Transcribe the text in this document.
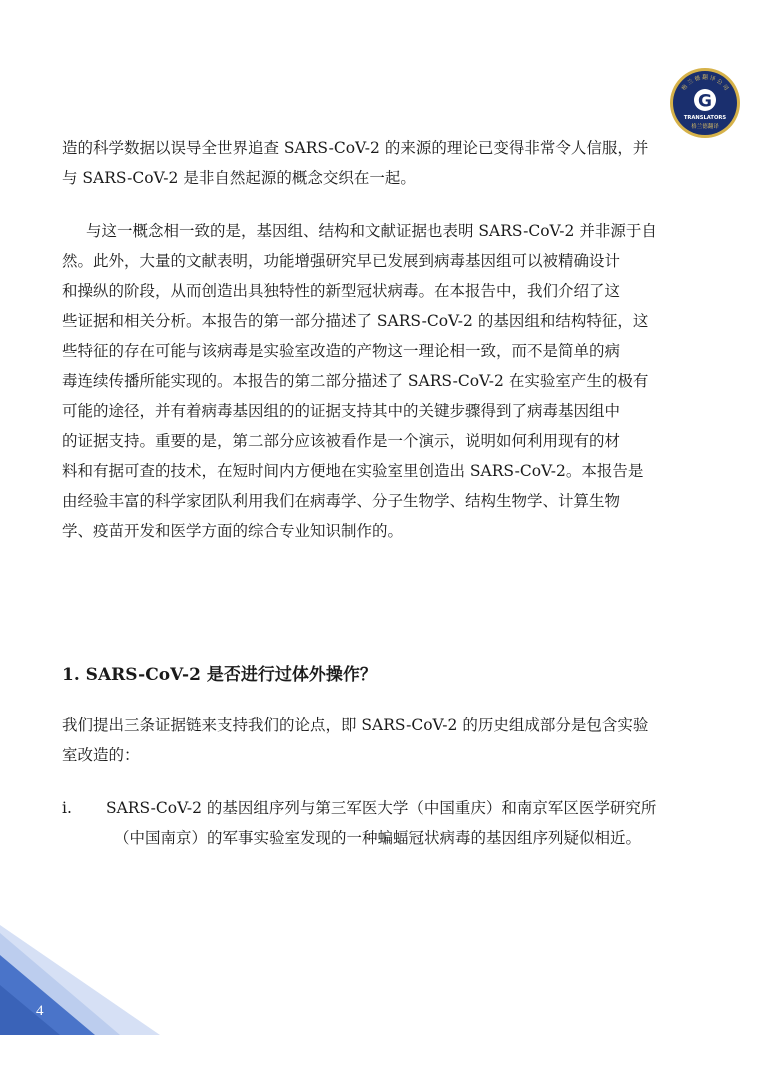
格 兰 德 翻 译 公 司
G
TRANSLATORS
格兰德翻译

造的科学数据以误导全世界追查 SARS-CoV-2 的来源的理论已变得非常令人信服，并
与 SARS-CoV-2 是非自然起源的概念交织在一起。

与这一概念相一致的是，基因组、结构和文献证据也表明 SARS-CoV-2 并非源于自
然。此外，大量的文献表明，功能增强研究早已发展到病毒基因组可以被精确设计
和操纵的阶段，从而创造出具独特性的新型冠状病毒。在本报告中，我们介绍了这
些证据和相关分析。本报告的第一部分描述了 SARS-CoV-2 的基因组和结构特征，这
些特征的存在可能与该病毒是实验室改造的产物这一理论相一致，而不是简单的病
毒连续传播所能实现的。本报告的第二部分描述了 SARS-CoV-2 在实验室产生的极有
可能的途径，并有着病毒基因组的的证据支持其中的关键步骤得到了病毒基因组中
的证据支持。重要的是，第二部分应该被看作是一个演示，说明如何利用现有的材
料和有据可查的技术，在短时间内方便地在实验室里创造出 SARS-CoV-2。本报告是
由经验丰富的科学家团队利用我们在病毒学、分子生物学、结构生物学、计算生物
学、疫苗开发和医学方面的综合专业知识制作的。

1. SARS-CoV-2 是否进行过体外操作？

我们提出三条证据链来支持我们的论点，即 SARS-CoV-2 的历史组成部分是包含实验
室改造的：

i. SARS-CoV-2 的基因组序列与第三军医大学（中国重庆）和南京军区医学研究所
（中国南京）的军事实验室发现的一种蝙蝠冠状病毒的基因组序列疑似相近。
4
